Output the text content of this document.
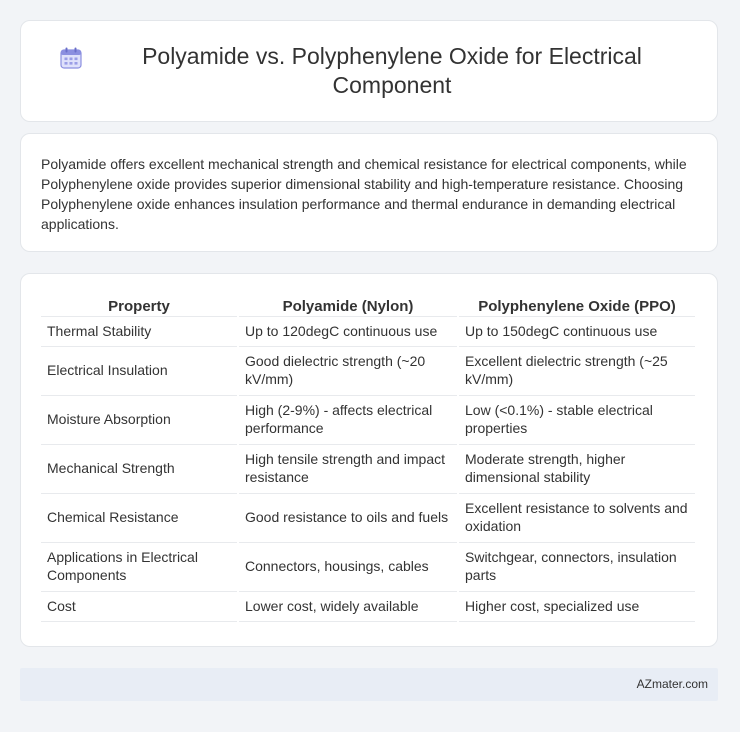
Polyamide vs. Polyphenylene Oxide for Electrical Component

Polyamide offers excellent mechanical strength and chemical resistance for electrical components, while Polyphenylene oxide provides superior dimensional stability and high-temperature resistance. Choosing Polyphenylene oxide enhances insulation performance and thermal endurance in demanding electrical applications.

Property	Polyamide (Nylon)	Polyphenylene Oxide (PPO)
Thermal Stability	Up to 120degC continuous use	Up to 150degC continuous use
Electrical Insulation	Good dielectric strength (~20 kV/mm)	Excellent dielectric strength (~25 kV/mm)
Moisture Absorption	High (2-9%) - affects electrical performance	Low (<0.1%) - stable electrical properties
Mechanical Strength	High tensile strength and impact resistance	Moderate strength, higher dimensional stability
Chemical Resistance	Good resistance to oils and fuels	Excellent resistance to solvents and oxidation
Applications in Electrical Components	Connectors, housings, cables	Switchgear, connectors, insulation parts
Cost	Lower cost, widely available	Higher cost, specialized use
AZmater.com
